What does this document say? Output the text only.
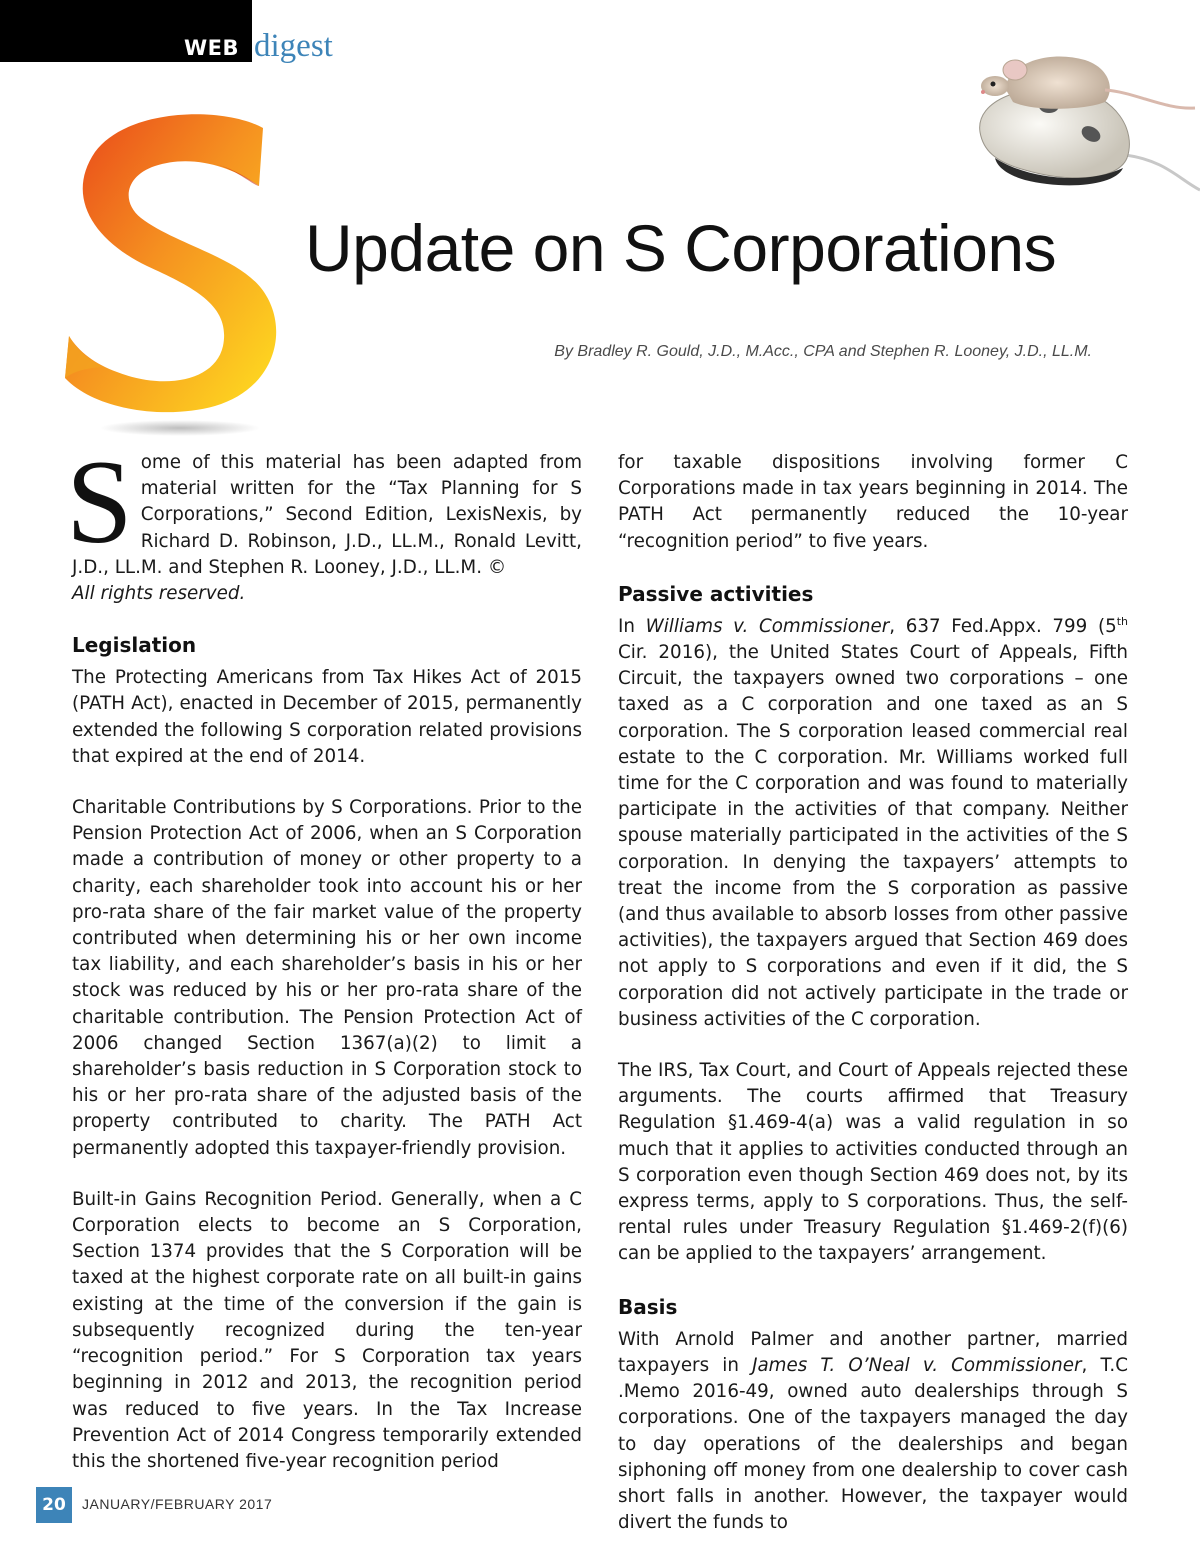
WEB digest
Update on S Corporations
By Bradley R. Gould, J.D., M.Acc., CPA and Stephen R. Looney, J.D., LL.M.
S ome of this material has been adapted from material written for the “Tax Planning for S Corporations,” Second Edition, LexisNexis, by Richard D. Robinson, J.D., LL.M., Ronald Levitt, J.D., LL.M. and Stephen R. Looney, J.D., LL.M. ©
All rights reserved.

Legislation

The Protecting Americans from Tax Hikes Act of 2015 (PATH Act), enacted in December of 2015, permanently extended the following S corporation related provisions that expired at the end of 2014.

Charitable Contributions by S Corporations. Prior to the Pension Protection Act of 2006, when an S Corporation made a contribution of money or other property to a charity, each shareholder took into account his or her pro-rata share of the fair market value of the property contributed when determining his or her own income tax liability, and each shareholder’s basis in his or her stock was reduced by his or her pro-rata share of the charitable contribution. The Pension Protection Act of 2006 changed Section 1367(a)(2) to limit a shareholder’s basis reduction in S Corporation stock to his or her pro-rata share of the adjusted basis of the property contributed to charity. The PATH Act permanently adopted this taxpayer-friendly provision.

Built-in Gains Recognition Period. Generally, when a C Corporation elects to become an S Corporation, Section 1374 provides that the S Corporation will be taxed at the highest corporate rate on all built-in gains existing at the time of the conversion if the gain is subsequently recognized during the ten-year “recognition period.” For S Corporation tax years beginning in 2012 and 2013, the recognition period was reduced to five years. In the Tax Increase Prevention Act of 2014 Congress temporarily extended this the shortened five-year recognition period

for taxable dispositions involving former C Corporations made in tax years beginning in 2014. The PATH Act permanently reduced the 10-year “recognition period” to five years.

Passive activities

In Williams v. Commissioner, 637 Fed.Appx. 799 (5th Cir. 2016), the United States Court of Appeals, Fifth Circuit, the taxpayers owned two corporations – one taxed as a C corporation and one taxed as an S corporation. The S corporation leased commercial real estate to the C corporation. Mr. Williams worked full time for the C corporation and was found to materially participate in the activities of that company. Neither spouse materially participated in the activities of the S corporation. In denying the taxpayers’ attempts to treat the income from the S corporation as passive (and thus available to absorb losses from other passive activities), the taxpayers argued that Section 469 does not apply to S corporations and even if it did, the S corporation did not actively participate in the trade or business activities of the C corporation.

The IRS, Tax Court, and Court of Appeals rejected these arguments. The courts affirmed that Treasury Regulation §1.469-4(a) was a valid regulation in so much that it applies to activities conducted through an S corporation even though Section 469 does not, by its express terms, apply to S corporations. Thus, the self-rental rules under Treasury Regulation §1.469-2(f)(6) can be applied to the taxpayers’ arrangement.

Basis

With Arnold Palmer and another partner, married taxpayers in James T. O’Neal v. Commissioner, T.C .Memo 2016-49, owned auto dealerships through S corporations. One of the taxpayers managed the day to day operations of the dealerships and began siphoning off money from one dealership to cover cash short falls in another. However, the taxpayer would divert the funds to

20	JANUARY/FEBRUARY 2017
